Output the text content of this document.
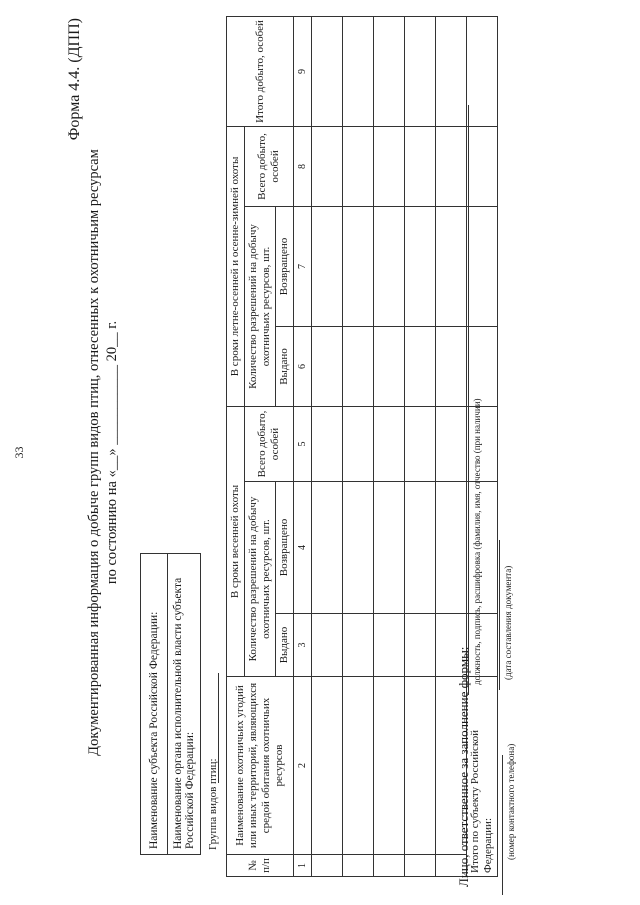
33
Форма 4.4. (ДПП)
Документированная информация о добыче групп видов птиц, отнесенных к охотничьим ресурсам по состоянию на «__» ___________ 20__ г.
Наименование субъекта Российской Федерации:
Наименование органа исполнительной власти субъекта Российской Федерации: Группа видов птиц:
№ п/п	Наименование охотничьих угодий или иных территорий, являющихся средой обитания охотничьих ресурсов	В сроки весенней охоты			В сроки летне-осенней и осенне-зимней охоты			Итого добыто, особей
		Количество разрешений на добычу охотничьих ресурсов, шт.		Всего добыто, особей	Количество разрешений на добычу охотничьих ресурсов, шт.		Всего добыто, особей	
		Выдано	Возвращено		Выдано	Возвращено		
1	2	3	4	5	6	7	8	9

Итого по субъекту Российской Федерации:								
Лицо, ответственное за заполнение формы:
должность, подпись, расшифровка (фамилия, имя, отчество (при наличии) (дата составления документа)
(номер контактного телефона)
